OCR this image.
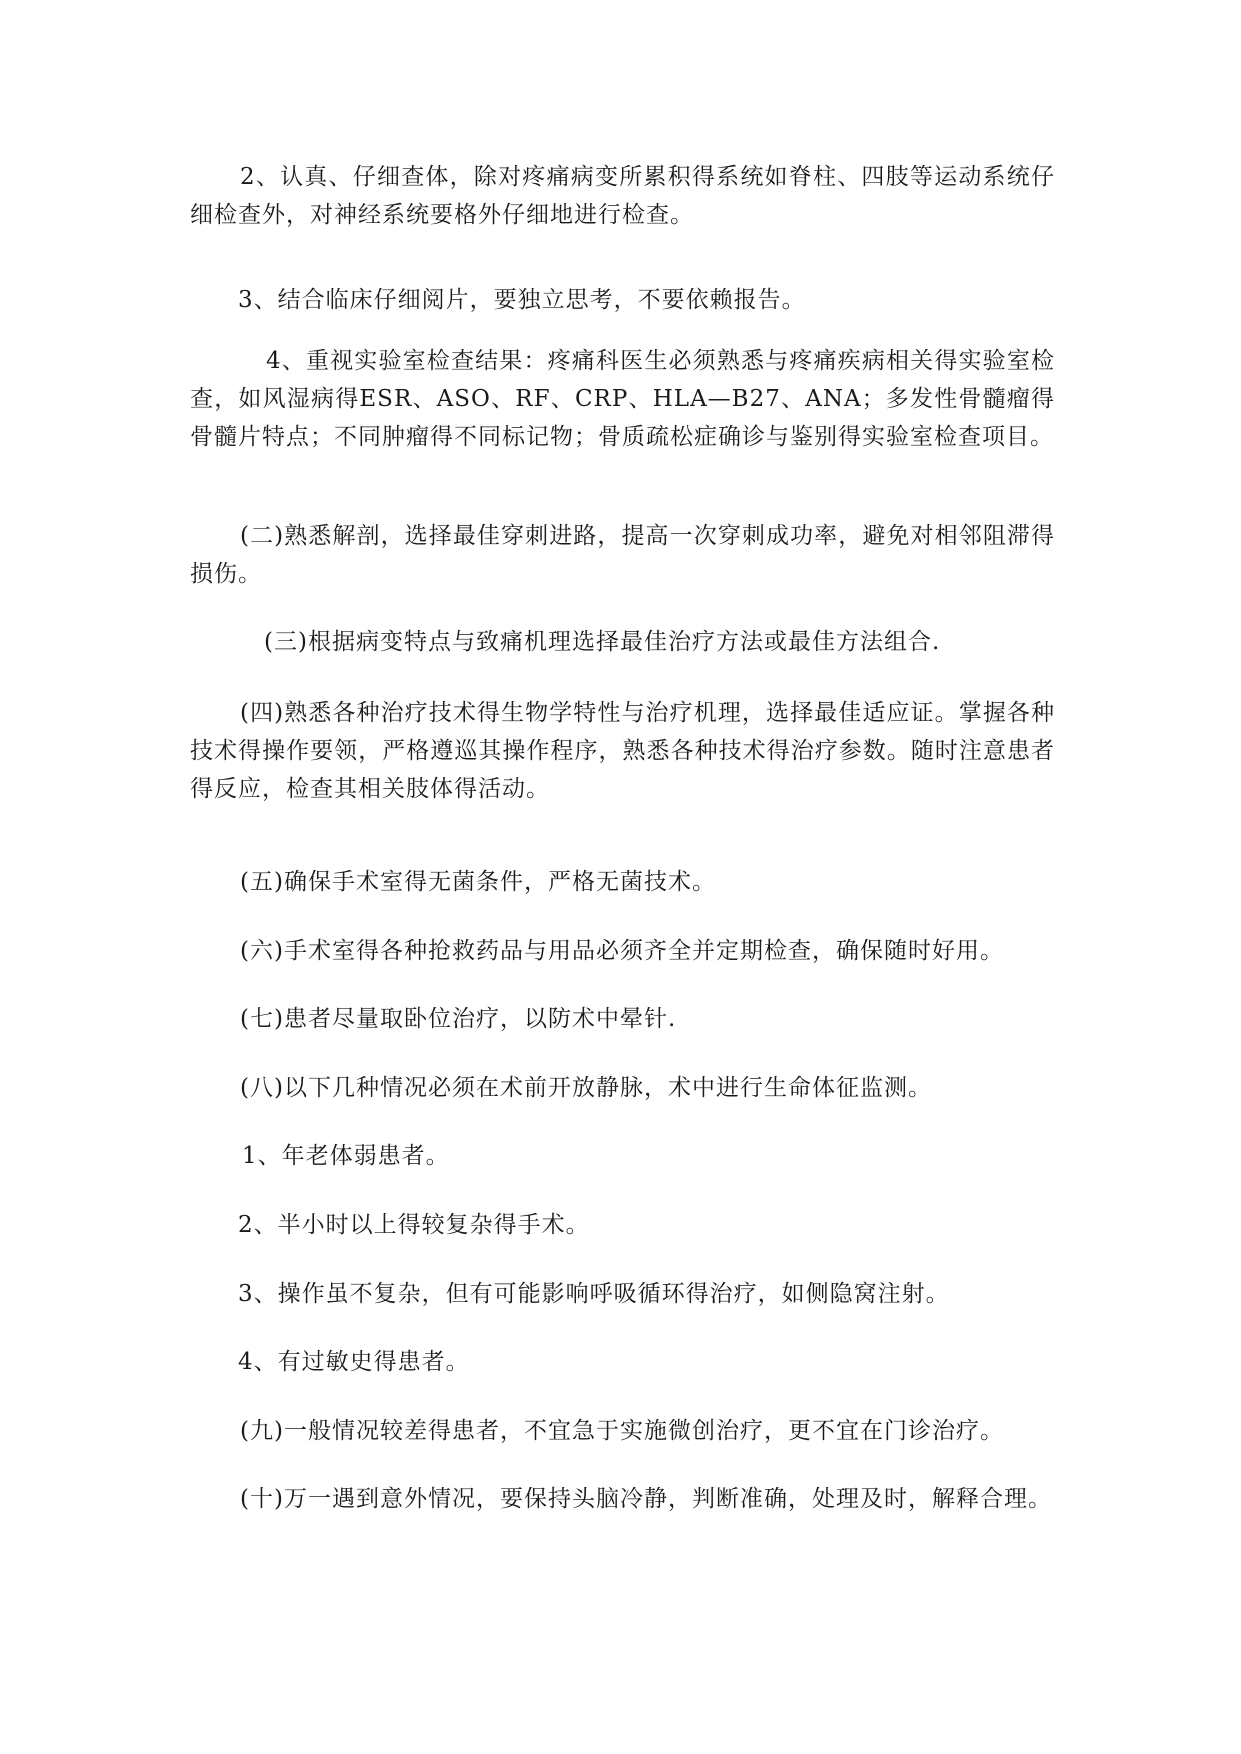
2、认真、仔细查体，除对疼痛病变所累积得系统如脊柱、四肢等运动系统仔细检查外，对神经系统要格外仔细地进行检查。

3、结合临床仔细阅片，要独立思考，不要依赖报告。

4、重视实验室检查结果：疼痛科医生必须熟悉与疼痛疾病相关得实验室检查，如风湿病得ESR、ASO、RF、CRP、HLA—B27、ANA；多发性骨髓瘤得骨髓片特点；不同肿瘤得不同标记物；骨质疏松症确诊与鉴别得实验室检查项目。

(二)熟悉解剖，选择最佳穿刺进路，提高一次穿刺成功率，避免对相邻阻滞得损伤。

(三)根据病变特点与致痛机理选择最佳治疗方法或最佳方法组合.

(四)熟悉各种治疗技术得生物学特性与治疗机理，选择最佳适应证。掌握各种技术得操作要领，严格遵巡其操作程序，熟悉各种技术得治疗参数。随时注意患者得反应，检查其相关肢体得活动。

(五)确保手术室得无菌条件，严格无菌技术。

(六)手术室得各种抢救药品与用品必须齐全并定期检查，确保随时好用。

(七)患者尽量取卧位治疗，以防术中晕针.

(八)以下几种情况必须在术前开放静脉，术中进行生命体征监测。

1、年老体弱患者。

2、半小时以上得较复杂得手术。

3、操作虽不复杂，但有可能影响呼吸循环得治疗，如侧隐窝注射。

4、有过敏史得患者。

(九)一般情况较差得患者，不宜急于实施微创治疗，更不宜在门诊治疗。

(十)万一遇到意外情况，要保持头脑冷静，判断准确，处理及时，解释合理。
